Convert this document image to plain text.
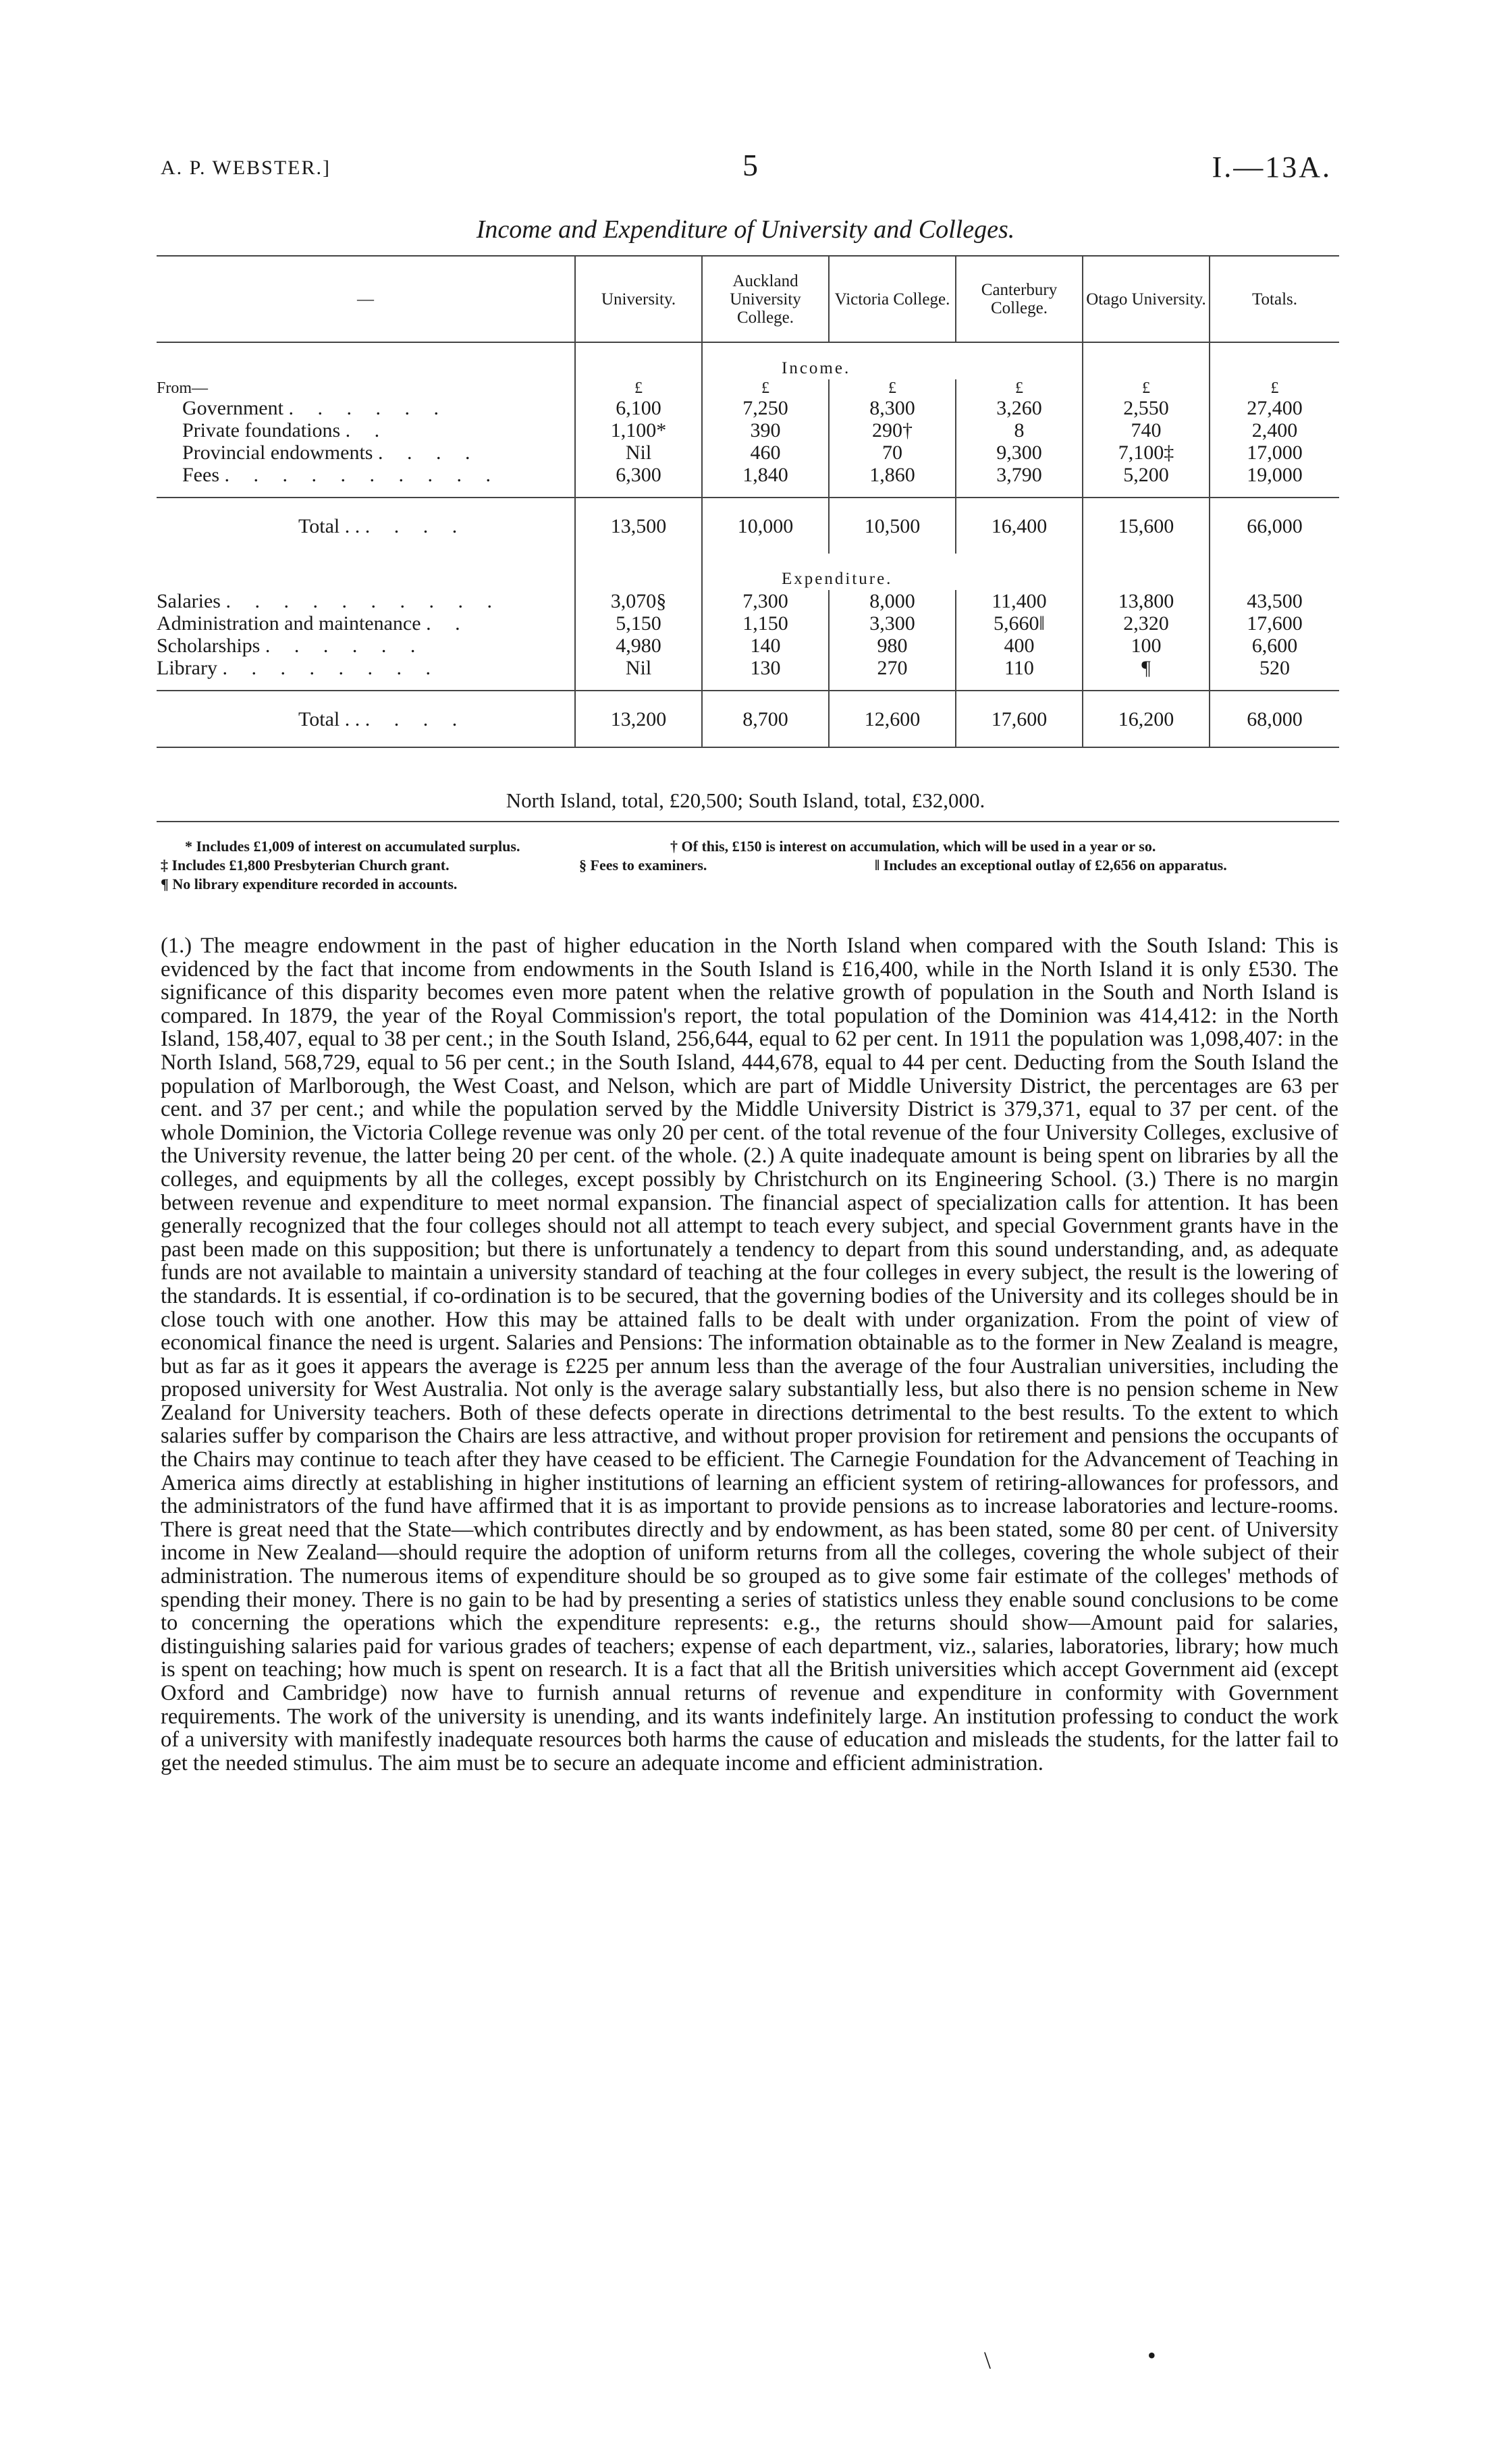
A. P. WEBSTER.]	5	I.—13A.
Income and Expenditure of University and Colleges.
—	University.	Auckland University College.	Victoria College.	Canterbury College.	Otago University.	Totals.
			Income.		
From—	£	£	£	£	£	£
Government . . . . . .	6,100	7,250	8,300	3,260	2,550	27,400
Private foundations . .	1,100*	390	290†	8	740	2,400
Provincial endowments . . . .	Nil	460	70	9,300	7,100‡	17,000
Fees . . . . . . . . . .	6,300	1,840	1,860	3,790	5,200	19,000

Total . . . . . .	13,500	10,000	10,500	16,400	15,600	66,000
			Expenditure.		
Salaries . . . . . . . . . .	3,070§	7,300	8,000	11,400	13,800	43,500
Administration and maintenance . .	5,150	1,150	3,300	5,660‖	2,320	17,600
Scholarships . . . . . .	4,980	140	980	400	100	6,600
Library . . . . . . . .	Nil	130	270	110	¶	520

Total . . . . . .	13,200	8,700	12,600	17,600	16,200	68,000
North Island, total, £20,500; South Island, total, £32,000.
* Includes £1,009 of interest on accumulated surplus.	† Of this, £150 is interest on accumulation, which will be used in a year or so.
‡ Includes £1,800 Presbyterian Church grant.	§ Fees to examiners.	‖ Includes an exceptional outlay of £2,656 on apparatus.
¶ No library expenditure recorded in accounts.

(1.) The meagre endowment in the past of higher education in the North Island when compared with the South Island: This is evidenced by the fact that income from endowments in the South Island is £16,400, while in the North Island it is only £530. The significance of this disparity becomes even more patent when the relative growth of population in the South and North Island is compared. In 1879, the year of the Royal Commission's report, the total population of the Dominion was 414,412: in the North Island, 158,407, equal to 38 per cent.; in the South Island, 256,644, equal to 62 per cent. In 1911 the population was 1,098,407: in the North Island, 568,729, equal to 56 per cent.; in the South Island, 444,678, equal to 44 per cent. Deducting from the South Island the population of Marlborough, the West Coast, and Nelson, which are part of Middle University District, the percentages are 63 per cent. and 37 per cent.; and while the population served by the Middle University District is 379,371, equal to 37 per cent. of the whole Dominion, the Victoria College revenue was only 20 per cent. of the total revenue of the four University Colleges, exclusive of the University revenue, the latter being 20 per cent. of the whole. (2.) A quite inadequate amount is being spent on libraries by all the colleges, and equipments by all the colleges, except possibly by Christchurch on its Engineering School. (3.) There is no margin between revenue and expenditure to meet normal expansion. The financial aspect of specialization calls for attention. It has been generally recognized that the four colleges should not all attempt to teach every subject, and special Government grants have in the past been made on this supposition; but there is unfortunately a tendency to depart from this sound understanding, and, as adequate funds are not available to maintain a university standard of teaching at the four colleges in every subject, the result is the lowering of the standards. It is essential, if co-ordination is to be secured, that the governing bodies of the University and its colleges should be in close touch with one another. How this may be attained falls to be dealt with under organization. From the point of view of economical finance the need is urgent. Salaries and Pensions: The information obtainable as to the former in New Zealand is meagre, but as far as it goes it appears the average is £225 per annum less than the average of the four Australian universities, including the proposed university for West Australia. Not only is the average salary substantially less, but also there is no pension scheme in New Zealand for University teachers. Both of these defects operate in directions detrimental to the best results. To the extent to which salaries suffer by comparison the Chairs are less attractive, and without proper provision for retirement and pensions the occupants of the Chairs may continue to teach after they have ceased to be efficient. The Carnegie Foundation for the Advancement of Teaching in America aims directly at establishing in higher institutions of learning an efficient system of retiring-allowances for professors, and the administrators of the fund have affirmed that it is as important to provide pensions as to increase laboratories and lecture-rooms. There is great need that the State—which contributes directly and by endowment, as has been stated, some 80 per cent. of University income in New Zealand—should require the adoption of uniform returns from all the colleges, covering the whole subject of their administration. The numerous items of expenditure should be so grouped as to give some fair estimate of the colleges' methods of spending their money. There is no gain to be had by presenting a series of statistics unless they enable sound conclusions to be come to concerning the operations which the expenditure represents: e.g., the returns should show—Amount paid for salaries, distinguishing salaries paid for various grades of teachers; expense of each department, viz., salaries, laboratories, library; how much is spent on teaching; how much is spent on research. It is a fact that all the British universities which accept Government aid (except Oxford and Cambridge) now have to furnish annual returns of revenue and expenditure in conformity with Government requirements. The work of the university is unending, and its wants indefinitely large. An institution professing to conduct the work of a university with manifestly inadequate resources both harms the cause of education and misleads the students, for the latter fail to get the needed stimulus. The aim must be to secure an adequate income and efficient administration.

\	•
